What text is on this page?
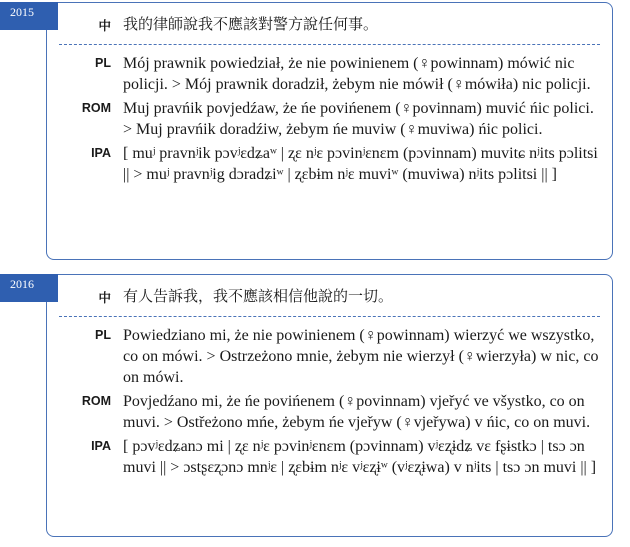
2015
中 我的律師說我不應該對警方說任何事。
PL Mój prawnik powiedział, że nie powinienem (♀powinnam) mówić nic policji. > Mój prawnik doradził, żebym nie mówił (♀mówiła) nic policji.
ROM Muj pravńik povjedźaw, że ńe povińenem (♀povinnam) muvić ńic polici. > Muj pravńik doradźiw, żebym ńe muviw (♀muviwa) ńic polici.
IPA [ muʲ pravnʲik pɔvʲɛdʑaʷ | ʐɛ nʲɛ pɔvinʲɛnɛm (pɔvinnam) muvitɕ nʲits pɔlitsi || > muʲ pravnʲig dɔradʑiʷ | ʐɛbɨm nʲɛ muviʷ (muviwa) nʲits pɔlitsi || ]
2016
中 有人告訴我，我不應該相信他說的一切。
PL Powiedziano mi, że nie powinienem (♀powinnam) wierzyć we wszystko, co on mówi. > Ostrzeżono mnie, żebym nie wierzył (♀wierzyła) w nic, co on mówi.
ROM Povjedźano mi, że ńe povińenem (♀povinnam) vjeřyć ve všystko, co on muvi. > Ostřeżono mńe, żebym ńe vjeřyw (♀vjeřywa) v ńic, co on muvi.
IPA [ pɔvʲɛdʑanɔ mi | ʐɛ nʲɛ pɔvinʲɛnɛm (pɔvinnam) vʲɛʐɨdʑ vɛ fʂɨstkɔ | tsɔ ɔn muvi || > ɔstʂɛʐɔnɔ mnʲɛ | ʐɛbɨm nʲɛ vʲɛʐɨʷ (vʲɛʐɨwa) v nʲits | tsɔ ɔn muvi || ]
